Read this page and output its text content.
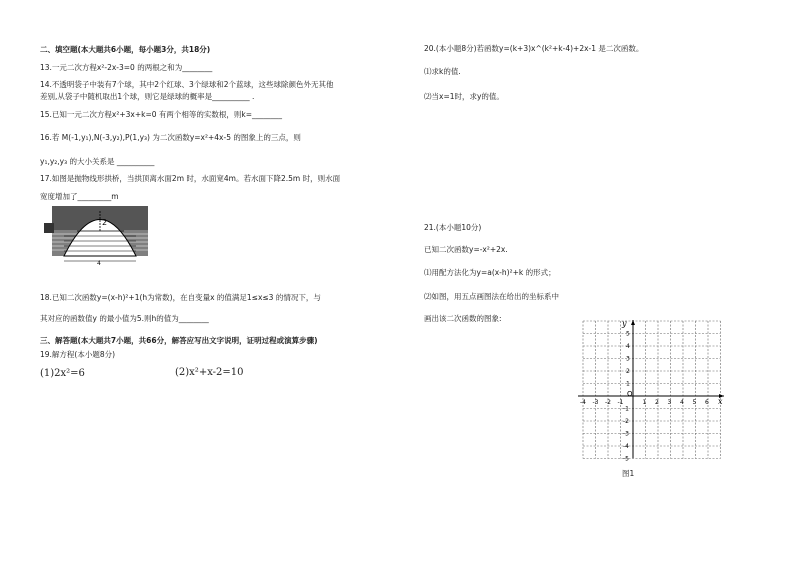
二、填空题(本大题共6小题，每小题3分，共18分)
13.一元二次方程x²-2x-3=0 的两根之和为________
14.不透明袋子中装有7个球，其中2个红球、3个绿球和2个蓝球，这些球除颜色外无其他
差别,从袋子中随机取出1个球，则它是绿球的概率是__________ .
15.已知一元二次方程x²+3x+k=0 有两个相等的实数根，则k=________
16.若 M(-1,y₁),N(-3,y₂),P(1,y₃) 为二次函数y=x²+4x-5 的图象上的三点，则
y₁,y₂,y₃ 的大小关系是 __________
17.如图是抛物线形拱桥，当拱顶离水面2m 时，水面宽4m。若水面下降2.5m 时，则水面
宽度增加了_________m
2
4
18.已知二次函数y=(x-h)²+1(h为常数)，在自变量x 的值满足1≤x≤3 的情况下，与
其对应的函数值y 的最小值为5.则h的值为________
三、解答题(本大题共7小题，共66分，解答应写出文字说明，证明过程或演算步骤)
19.解方程(本小题8分)
(1)2x²=6	(2)x²+x-2=10
20.(本小题8分)若函数y=(k+3)x^(k²+k-4)+2x-1 是二次函数。
⑴求k的值.
⑵当x=1时，求y的值。
21.(本小题10分)
已知二次函数y=-x²+2x.
⑴用配方法化为y=a(x-h)²+k 的形式；
⑵如图，用五点画图法在给出的坐标系中
画出该二次函数的图象:
x
y
O
-4 -3 -2 -1	1 2 3 4 5 6
5
4
3
2
1
-1
-2
-3
-4
-5
图1
